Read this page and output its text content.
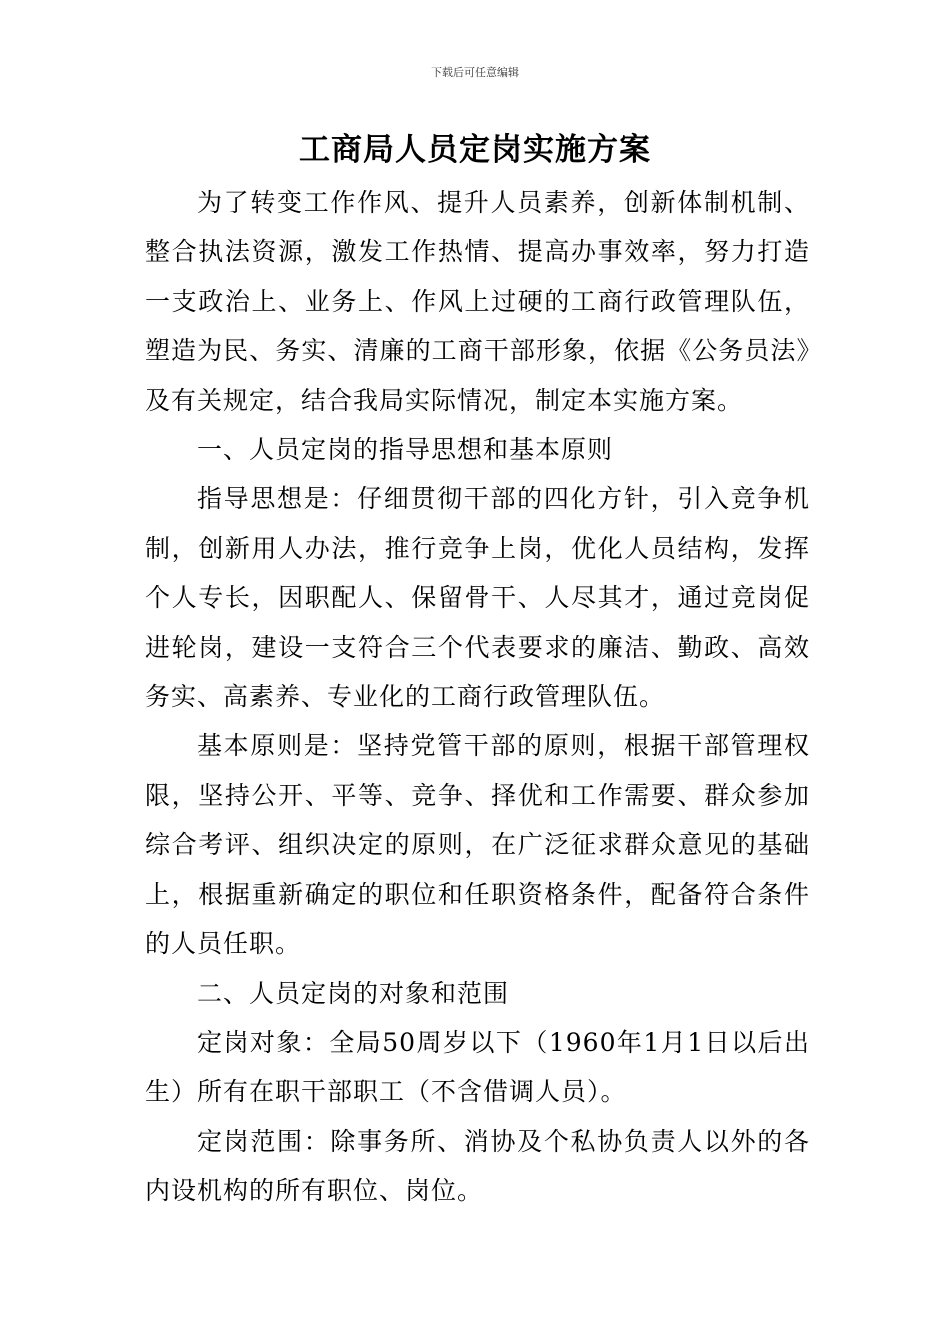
下载后可任意编辑
工商局人员定岗实施方案

为了转变工作作风、提升人员素养，创新体制机制、整合执法资源，激发工作热情、提高办事效率，努力打造一支政治上、业务上、作风上过硬的工商行政管理队伍，塑造为民、务实、清廉的工商干部形象，依据《公务员法》及有关规定，结合我局实际情况，制定本实施方案。

一、人员定岗的指导思想和基本原则

指导思想是：仔细贯彻干部的四化方针，引入竞争机制，创新用人办法，推行竞争上岗，优化人员结构，发挥个人专长，因职配人、保留骨干、人尽其才，通过竞岗促进轮岗，建设一支符合三个代表要求的廉洁、勤政、高效务实、高素养、专业化的工商行政管理队伍。

基本原则是：坚持党管干部的原则，根据干部管理权限，坚持公开、平等、竞争、择优和工作需要、群众参加综合考评、组织决定的原则，在广泛征求群众意见的基础上，根据重新确定的职位和任职资格条件，配备符合条件的人员任职。

二、人员定岗的对象和范围

定岗对象：全局50周岁以下（1960年1月1日以后出生）所有在职干部职工（不含借调人员）。

定岗范围：除事务所、消协及个私协负责人以外的各内设机构的所有职位、岗位。
